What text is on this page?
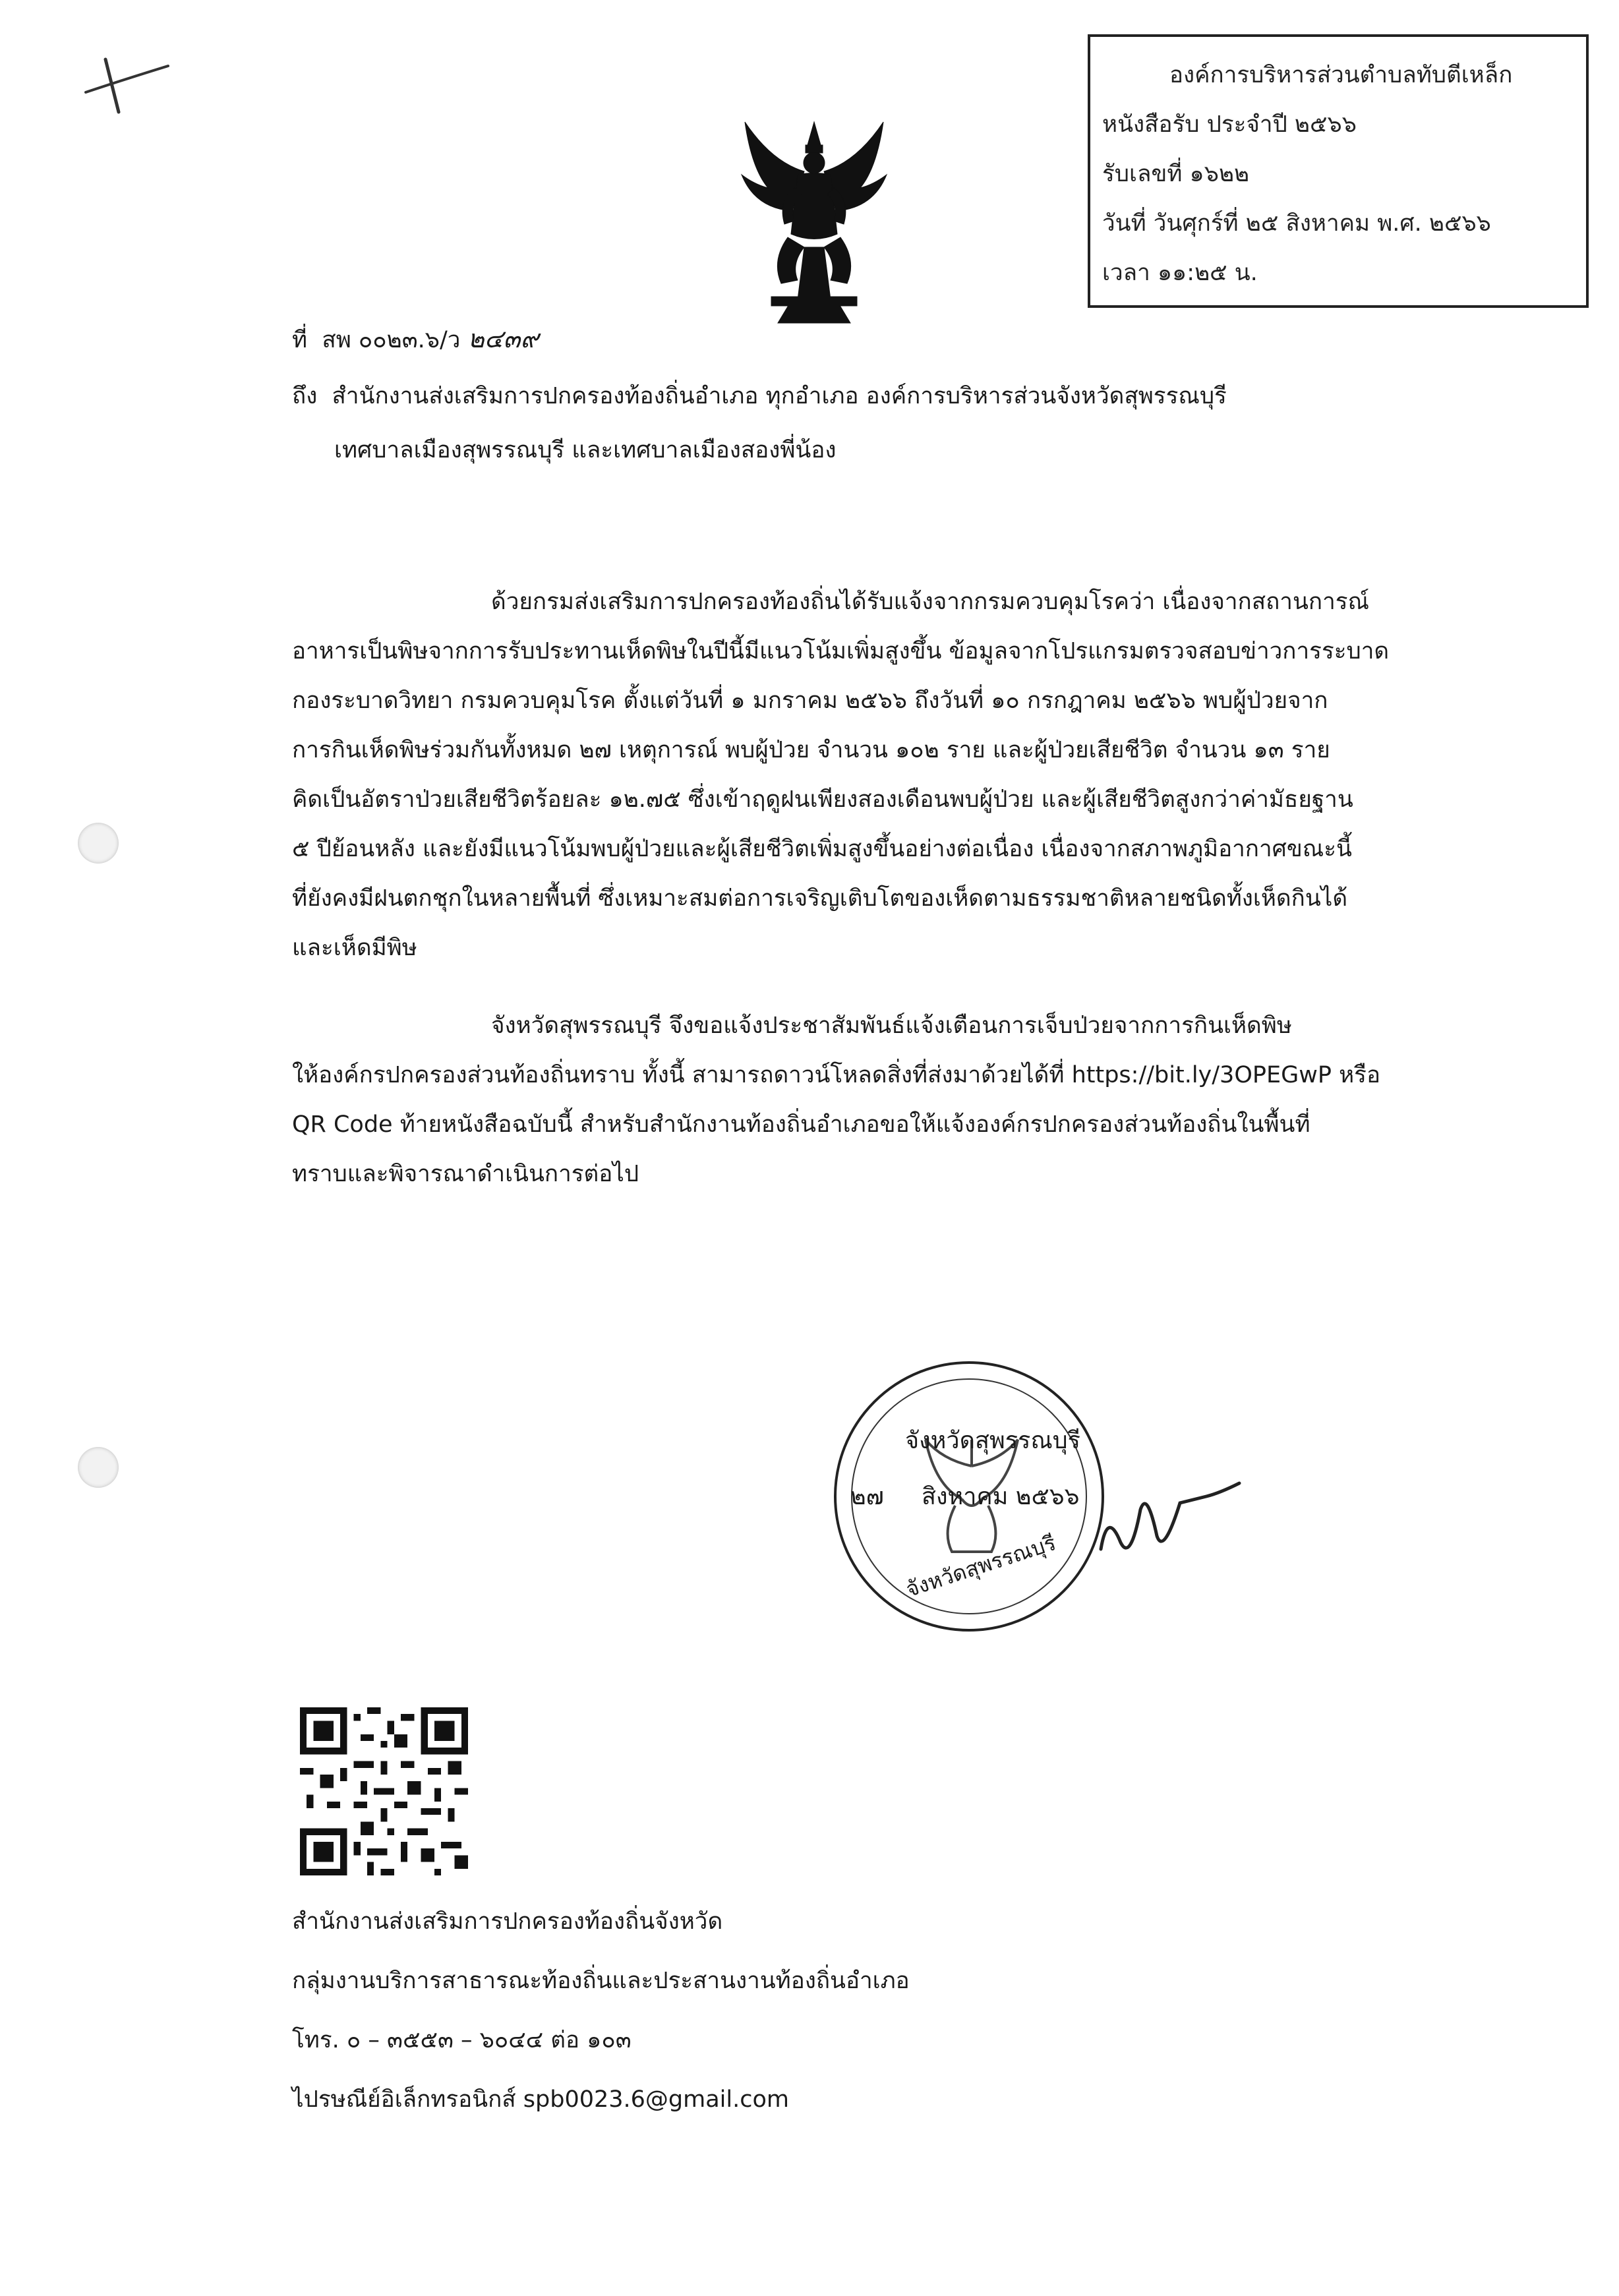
องค์การบริหารส่วนตำบลทับตีเหล็ก
หนังสือรับ ประจำปี ๒๕๖๖
รับเลขที่ ๑๖๒๒
วันที่ วันศุกร์ที่ ๒๕ สิงหาคม พ.ศ. ๒๕๖๖
เวลา ๑๑:๒๕ น.
ที่ สพ ๐๐๒๓.๖/ว ๒๔๓๙
ถึง สำนักงานส่งเสริมการปกครองท้องถิ่นอำเภอ ทุกอำเภอ องค์การบริหารส่วนจังหวัดสุพรรณบุรี
เทศบาลเมืองสุพรรณบุรี และเทศบาลเมืองสองพี่น้อง
ด้วยกรมส่งเสริมการปกครองท้องถิ่นได้รับแจ้งจากกรมควบคุมโรคว่า เนื่องจากสถานการณ์
อาหารเป็นพิษจากการรับประทานเห็ดพิษในปีนี้มีแนวโน้มเพิ่มสูงขึ้น ข้อมูลจากโปรแกรมตรวจสอบข่าวการระบาด
กองระบาดวิทยา กรมควบคุมโรค ตั้งแต่วันที่ ๑ มกราคม ๒๕๖๖ ถึงวันที่ ๑๐ กรกฎาคม ๒๕๖๖ พบผู้ป่วยจาก
การกินเห็ดพิษร่วมกันทั้งหมด ๒๗ เหตุการณ์ พบผู้ป่วย จำนวน ๑๐๒ ราย และผู้ป่วยเสียชีวิต จำนวน ๑๓ ราย
คิดเป็นอัตราป่วยเสียชีวิตร้อยละ ๑๒.๗๕ ซึ่งเข้าฤดูฝนเพียงสองเดือนพบผู้ป่วย และผู้เสียชีวิตสูงกว่าค่ามัธยฐาน
๕ ปีย้อนหลัง และยังมีแนวโน้มพบผู้ป่วยและผู้เสียชีวิตเพิ่มสูงขึ้นอย่างต่อเนื่อง เนื่องจากสภาพภูมิอากาศขณะนี้
ที่ยังคงมีฝนตกชุกในหลายพื้นที่ ซึ่งเหมาะสมต่อการเจริญเติบโตของเห็ดตามธรรมชาติหลายชนิดทั้งเห็ดกินได้
และเห็ดมีพิษ
จังหวัดสุพรรณบุรี จึงขอแจ้งประชาสัมพันธ์แจ้งเตือนการเจ็บป่วยจากการกินเห็ดพิษ
ให้องค์กรปกครองส่วนท้องถิ่นทราบ ทั้งนี้ สามารถดาวน์โหลดสิ่งที่ส่งมาด้วยได้ที่ https://bit.ly/3OPEGwP หรือ
QR Code ท้ายหนังสือฉบับนี้ สำหรับสำนักงานท้องถิ่นอำเภอขอให้แจ้งองค์กรปกครองส่วนท้องถิ่นในพื้นที่
ทราบและพิจารณาดำเนินการต่อไป
จังหวัดสุพรรณบุรี
๒๗ สิงหาคม ๒๕๖๖
จังหวัดสุพรรณบุรี
สำนักงานส่งเสริมการปกครองท้องถิ่นจังหวัด
กลุ่มงานบริการสาธารณะท้องถิ่นและประสานงานท้องถิ่นอำเภอ
โทร. ๐ – ๓๕๕๓ – ๖๐๔๔ ต่อ ๑๐๓
ไปรษณีย์อิเล็กทรอนิกส์ spb0023.6@gmail.com
